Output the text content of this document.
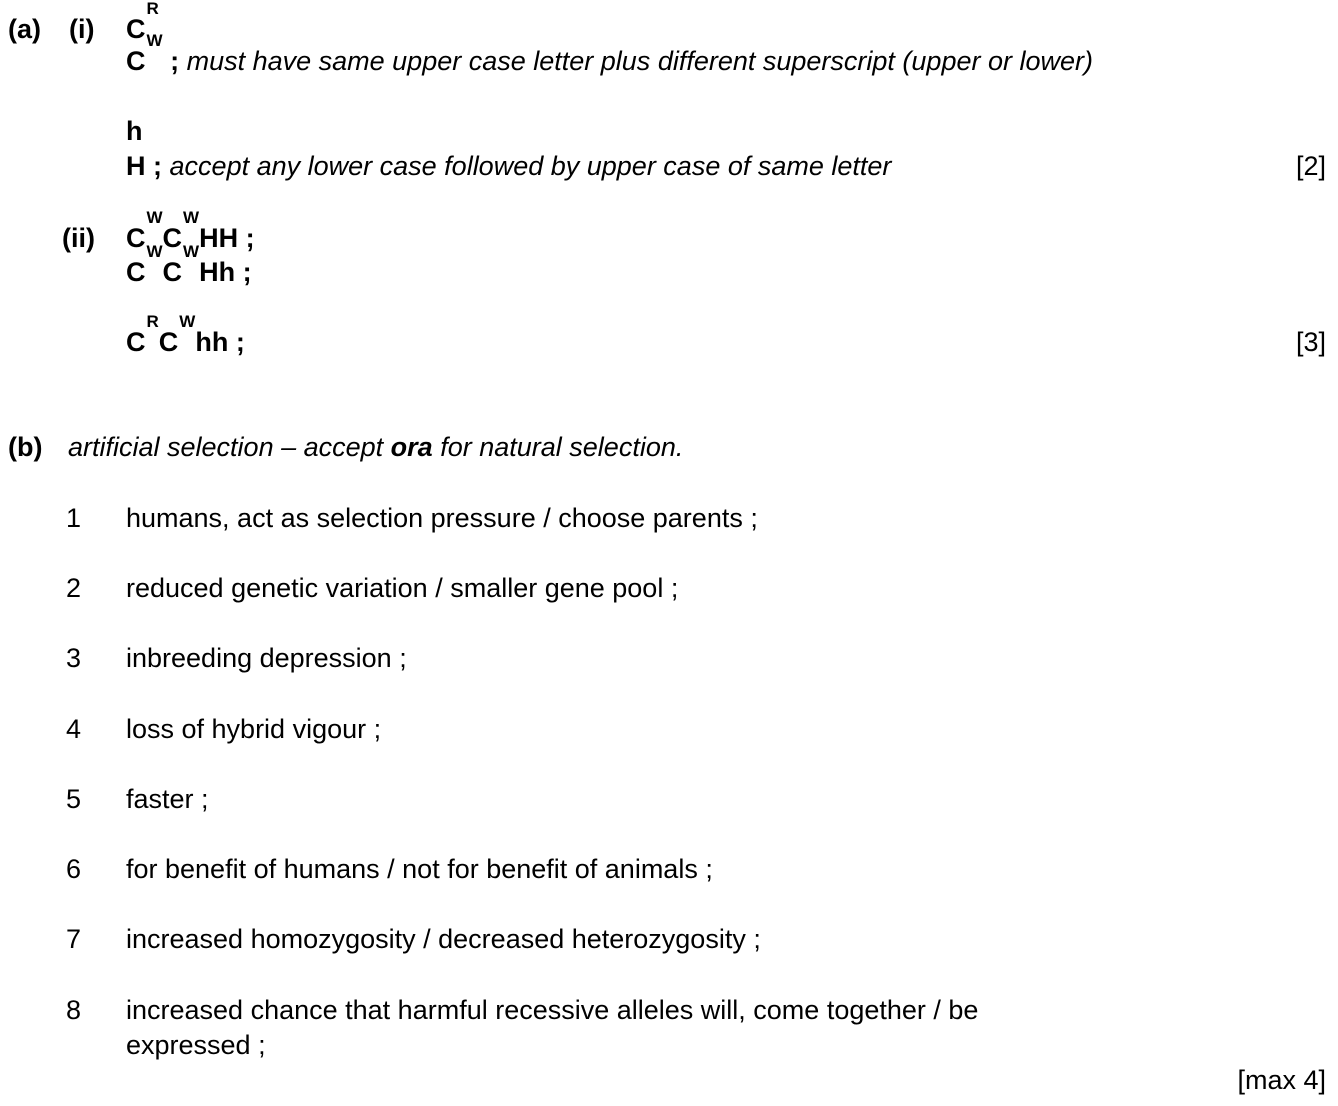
(a) (i) $C^R$
$C^W$ ; must have same upper case letter plus different superscript (upper or lower)
h
H ; accept any lower case followed by upper case of same letter	[2]
(ii) $C^WC^WHH$ ;
$C^WC^WHh$ ;
$C^RC^Whh$ ;	[3]
(b) artificial selection – accept ora for natural selection.
1 humans, act as selection pressure / choose parents ;
2 reduced genetic variation / smaller gene pool ;
3 inbreeding depression ;
4 loss of hybrid vigour ;
5 faster ;
6 for benefit of humans / not for benefit of animals ;
7 increased homozygosity / decreased heterozygosity ;
8 increased chance that harmful recessive alleles will, come together / be expressed ;
[max 4]
